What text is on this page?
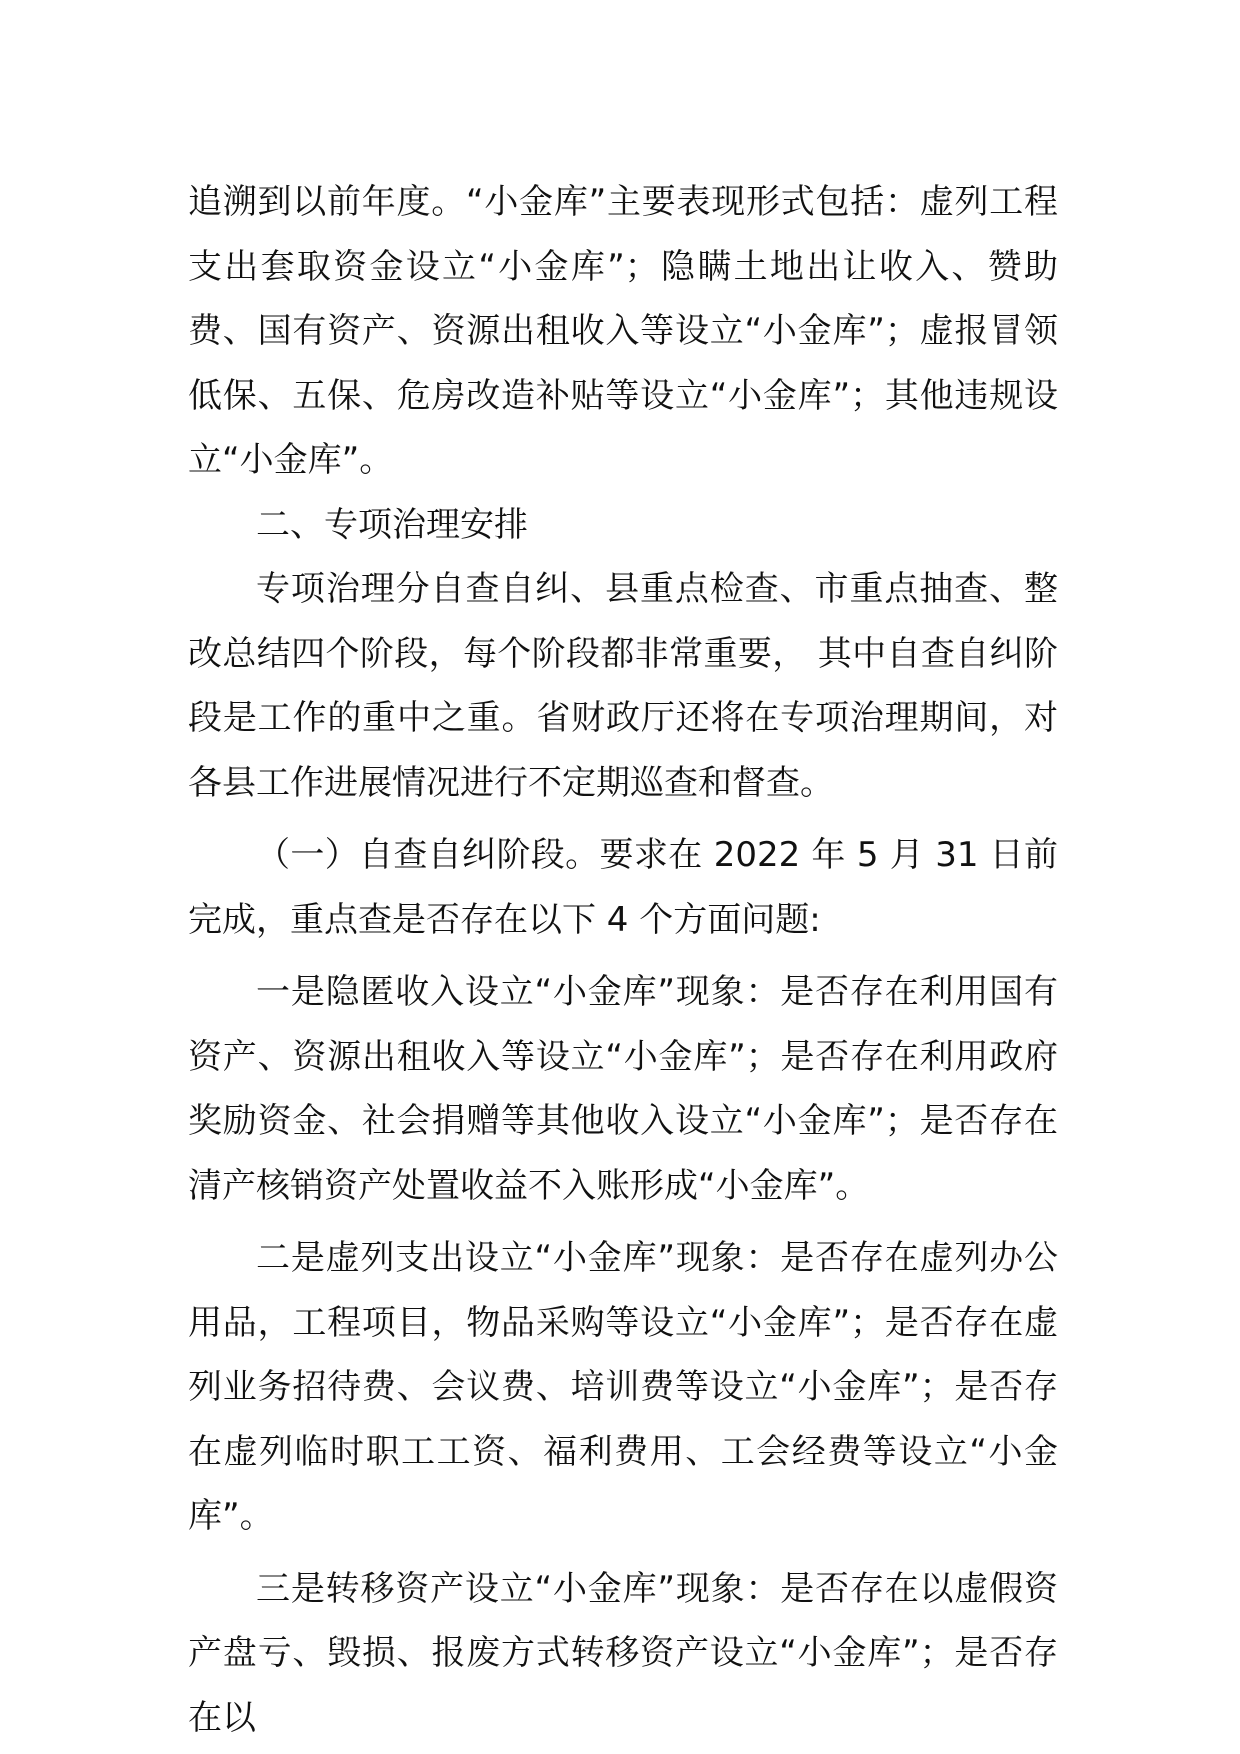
追溯到以前年度。“小金库”主要表现形式包括：虚列工程支出套取资金设立“小金库”；隐瞒土地出让收入、赞助费、国有资产、资源出租收入等设立“小金库”；虚报冒领低保、五保、危房改造补贴等设立“小金库”；其他违规设立“小金库”。

二、专项治理安排

专项治理分自查自纠、县重点检查、市重点抽查、整改总结四个阶段，每个阶段都非常重要， 其中自查自纠阶段是工作的重中之重。省财政厅还将在专项治理期间，对各县工作进展情况进行不定期巡查和督查。

（一）自查自纠阶段。要求在 2022 年 5 月 31 日前完成，重点查是否存在以下 4 个方面问题:

一是隐匿收入设立“小金库”现象：是否存在利用国有资产、资源出租收入等设立“小金库”；是否存在利用政府奖励资金、社会捐赠等其他收入设立“小金库”；是否存在清产核销资产处置收益不入账形成“小金库”。

二是虚列支出设立“小金库”现象：是否存在虚列办公用品，工程项目，物品采购等设立“小金库”；是否存在虚列业务招待费、会议费、培训费等设立“小金库”；是否存在虚列临时职工工资、福利费用、工会经费等设立“小金库”。

三是转移资产设立“小金库”现象：是否存在以虚假资产盘亏、毁损、报废方式转移资产设立“小金库”；是否存在以
